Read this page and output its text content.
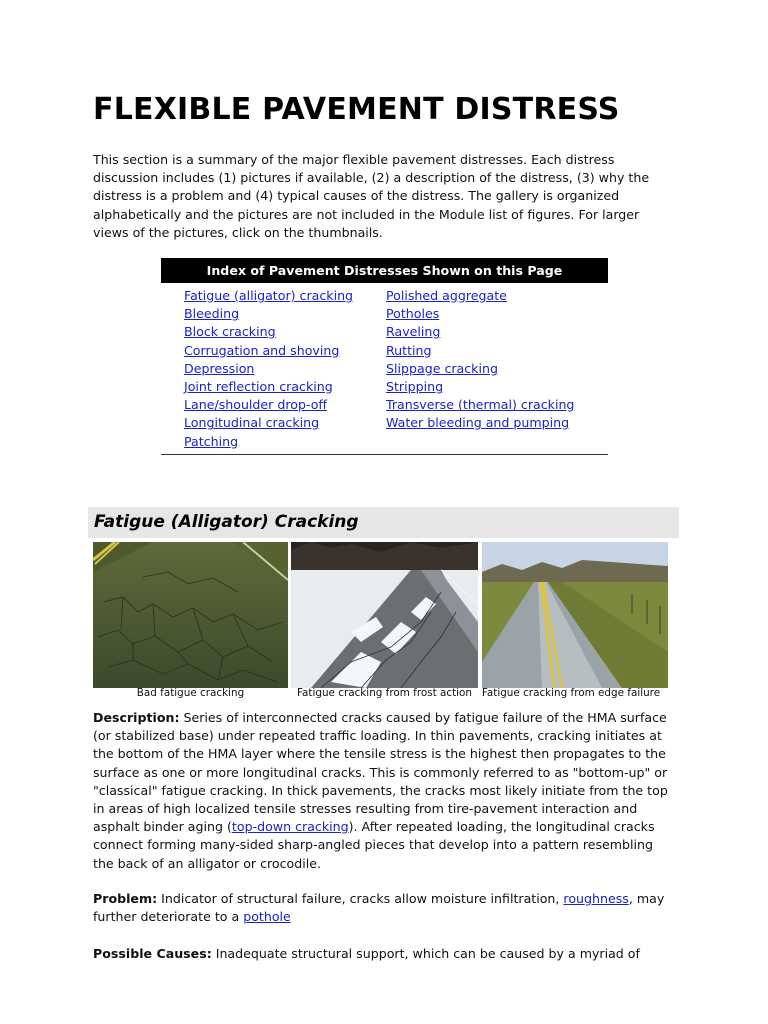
FLEXIBLE PAVEMENT DISTRESS

This section is a summary of the major flexible pavement distresses. Each distress discussion includes (1) pictures if available, (2) a description of the distress, (3) why the distress is a problem and (4) typical causes of the distress. The gallery is organized alphabetically and the pictures are not included in the Module list of figures. For larger views of the pictures, click on the thumbnails.

Index of Pavement Distresses Shown on this Page
Fatigue (alligator) cracking
Bleeding
Block cracking
Corrugation and shoving
Depression
Joint reflection cracking
Lane/shoulder drop-off
Longitudinal cracking
Patching
Polished aggregate
Potholes
Raveling
Rutting
Slippage cracking
Stripping
Transverse (thermal) cracking
Water bleeding and pumping
Fatigue (Alligator) Cracking
Bad fatigue cracking	Fatigue cracking from frost action Fatigue cracking from edge failure

Description: Series of interconnected cracks caused by fatigue failure of the HMA surface (or stabilized base) under repeated traffic loading. In thin pavements, cracking initiates at the bottom of the HMA layer where the tensile stress is the highest then propagates to the surface as one or more longitudinal cracks. This is commonly referred to as "bottom-up" or "classical" fatigue cracking. In thick pavements, the cracks most likely initiate from the top in areas of high localized tensile stresses resulting from tire-pavement interaction and asphalt binder aging (top-down cracking). After repeated loading, the longitudinal cracks connect forming many-sided sharp-angled pieces that develop into a pattern resembling the back of an alligator or crocodile.

Problem: Indicator of structural failure, cracks allow moisture infiltration, roughness, may further deteriorate to a pothole

Possible Causes: Inadequate structural support, which can be caused by a myriad of
